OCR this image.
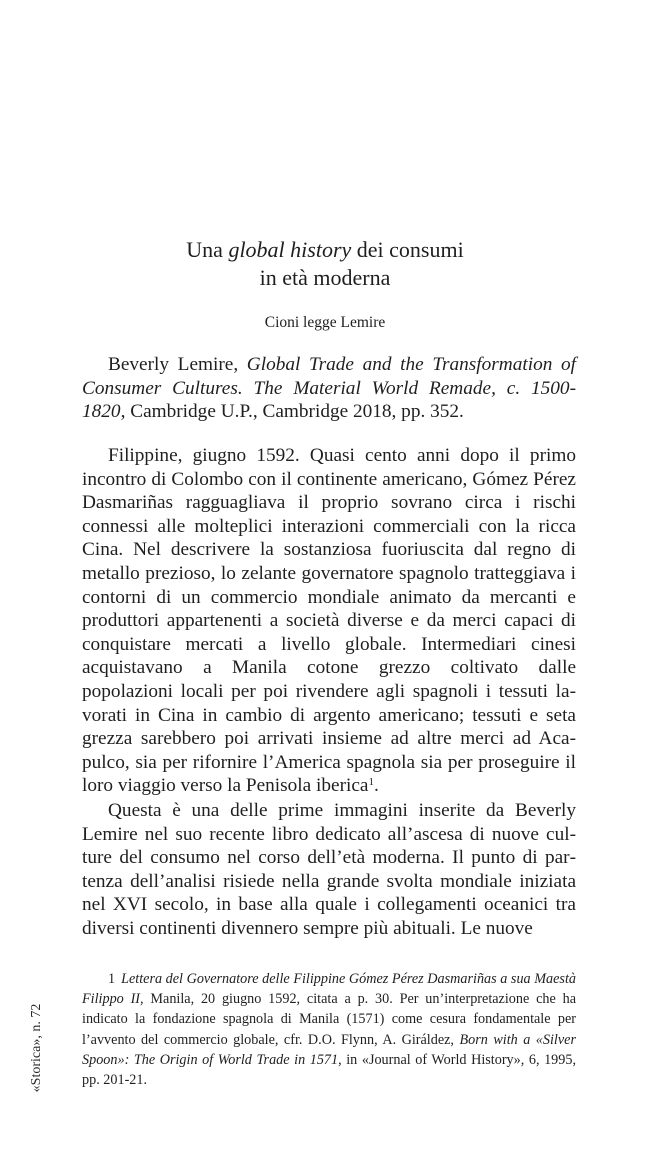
Una global history dei consumi
in età moderna
Cioni legge Lemire
Beverly Lemire, Global Trade and the Transformation of Consumer Cultures. The Material World Remade, c. 1500-1820, Cambridge U.P., Cambridge 2018, pp. 352.
Filippine, giugno 1592. Quasi cento anni dopo il primo incontro di Colombo con il continente americano, Gómez Pérez Dasmariñas ragguagliava il proprio sovrano circa i rischi connessi alle molteplici interazioni commerciali con la ricca Cina. Nel descrivere la sostanziosa fuoriuscita dal regno di metallo prezioso, lo zelante governatore spagnolo tratteggiava i contorni di un commercio mondiale animato da mercanti e produttori appartenenti a società diverse e da merci capaci di conquistare mercati a livello globale. Intermediari cinesi acquistavano a Manila cotone grezzo coltivato dalle popolazioni locali per poi rivendere agli spagnoli i tessuti lavorati in Cina in cambio di argento americano; tessuti e seta grezza sarebbero poi arrivati insieme ad altre merci ad Acapulco, sia per rifornire l’America spagnola sia per proseguire il loro viaggio verso la Penisola iberica$^1$.
Questa è una delle prime immagini inserite da Beverly Lemire nel suo recente libro dedicato all’ascesa di nuove culture del consumo nel corso dell’età moderna. Il punto di partenza dell’analisi risiede nella grande svolta mondiale iniziata nel XVI secolo, in base alla quale i collegamenti oceanici tra diversi continenti divennero sempre più abituali. Le nuove
1 Lettera del Governatore delle Filippine Gómez Pérez Dasmariñas a sua Maestà Filippo II, Manila, 20 giugno 1592, citata a p. 30. Per un’interpretazione che ha indicato la fondazione spagnola di Manila (1571) come cesura fondamentale per l’avvento del commercio globale, cfr. D.O. Flynn, A. Giráldez, Born with a «Silver Spoon»: The Origin of World Trade in 1571, in «Journal of World History», 6, 1995, pp. 201-21.
«Storica», n. 72
